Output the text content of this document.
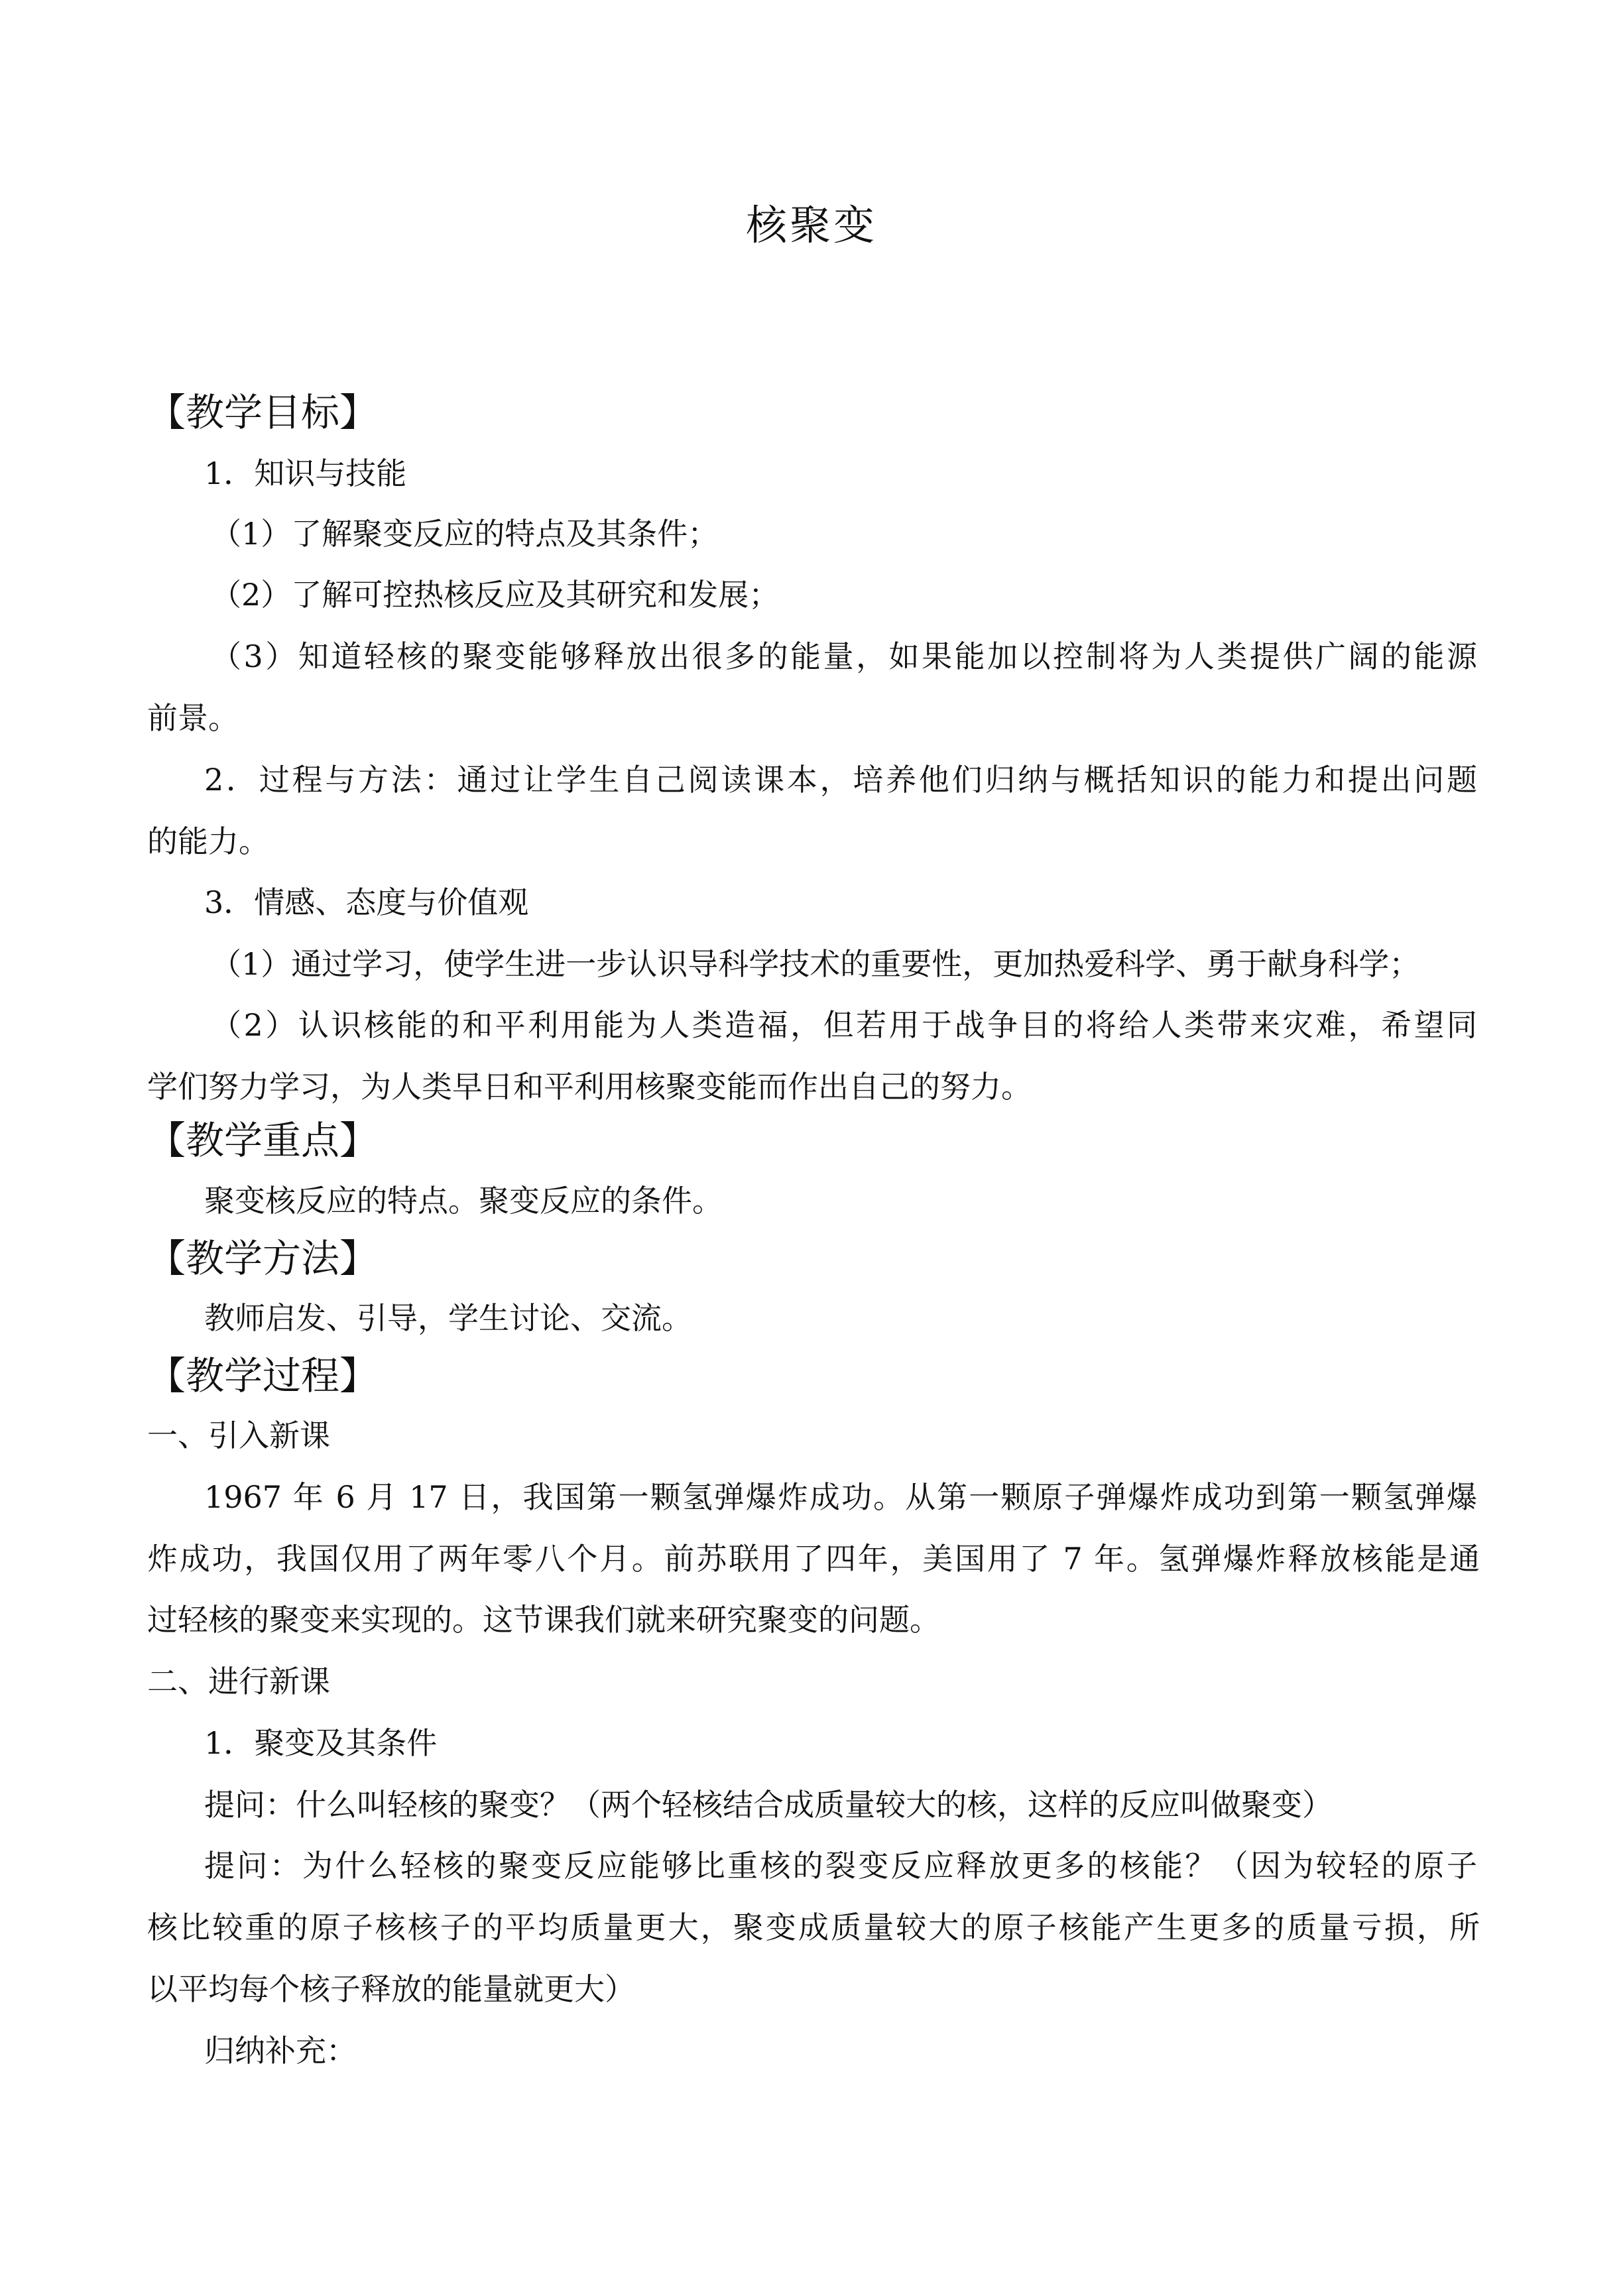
核聚变
【教学目标】
1．知识与技能
（1）了解聚变反应的特点及其条件；
（2）了解可控热核反应及其研究和发展；
（3）知道轻核的聚变能够释放出很多的能量，如果能加以控制将为人类提供广阔的能源
前景。
2．过程与方法：通过让学生自己阅读课本，培养他们归纳与概括知识的能力和提出问题
的能力。
3．情感、态度与价值观
（1）通过学习，使学生进一步认识导科学技术的重要性，更加热爱科学、勇于献身科学；
（2）认识核能的和平利用能为人类造福，但若用于战争目的将给人类带来灾难，希望同
学们努力学习，为人类早日和平利用核聚变能而作出自己的努力。
【教学重点】
聚变核反应的特点。聚变反应的条件。
【教学方法】
教师启发、引导，学生讨论、交流。
【教学过程】
一、引入新课
1967 年 6 月 17 日，我国第一颗氢弹爆炸成功。从第一颗原子弹爆炸成功到第一颗氢弹爆
炸成功，我国仅用了两年零八个月。前苏联用了四年，美国用了 7 年。氢弹爆炸释放核能是通
过轻核的聚变来实现的。这节课我们就来研究聚变的问题。
二、进行新课
1．聚变及其条件
提问：什么叫轻核的聚变？（两个轻核结合成质量较大的核，这样的反应叫做聚变）
提问：为什么轻核的聚变反应能够比重核的裂变反应释放更多的核能？（因为较轻的原子
核比较重的原子核核子的平均质量更大，聚变成质量较大的原子核能产生更多的质量亏损，所
以平均每个核子释放的能量就更大）
归纳补充：
